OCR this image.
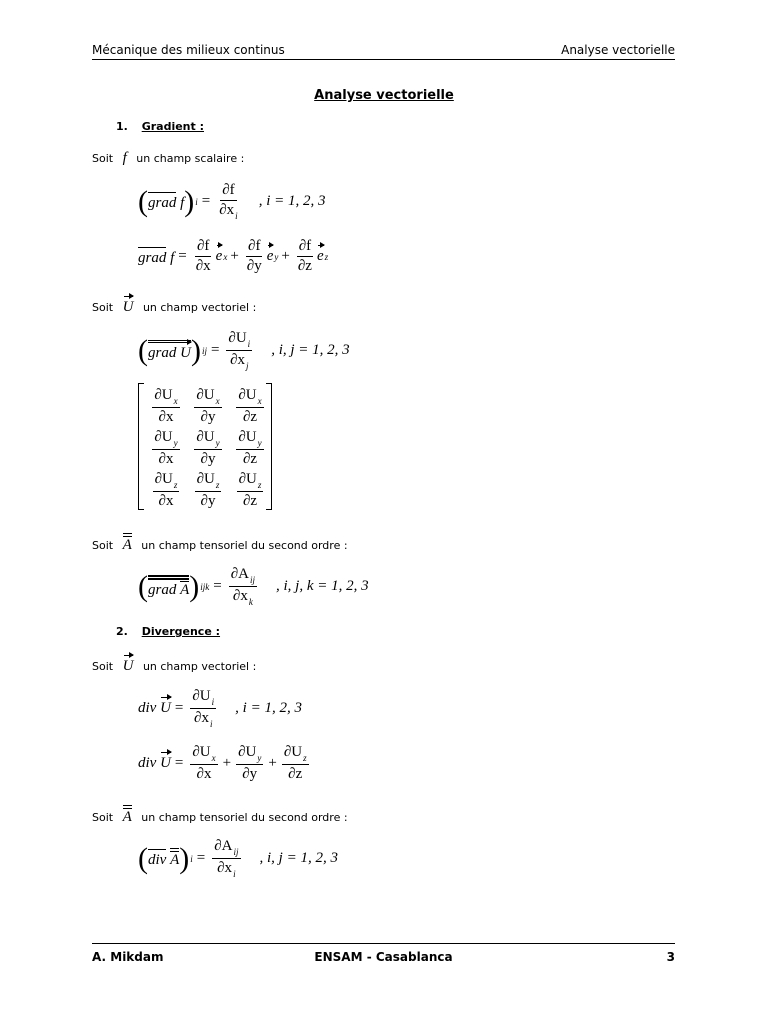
Mécanique des milieux continus	Analyse vectorielle
Analyse vectorielle
1. Gradient :
Soit f un champ scalaire :
( grad f ) $i = \frac{\partial f}{\partial x_i}$ , i = 1, 2, 3
grad $f = \frac{\partial f}{\partial x}$ e $x + \frac{\partial f}{\partial y}$ e $y + \frac{\partial f}{\partial z}$ e z
Soit U un champ vectoriel :
( grad U ) ij = $\frac{\partial U_i}{\partial x_j}$ , i, j = 1, 2, 3
$\frac{\partial U_x}{\partial x} \frac{\partial U_x}{\partial y} \frac{\partial U_x}{\partial z}$
$\frac{\partial U_y}{\partial x} \frac{\partial U_y}{\partial y} \frac{\partial U_y}{\partial z}$
$\frac{\partial U_z}{\partial x} \frac{\partial U_z}{\partial y} \frac{\partial U_z}{\partial z}$
Soit A un champ tensoriel du second ordre :
( grad A ) ijk = $\frac{\partial A_{ij}}{\partial x_k}$ , i, j, k = 1, 2, 3
2. Divergence :
Soit U un champ vectoriel :
div $U = \frac{\partial U_i}{\partial x_i}$ , i = 1, 2, 3
div $U = \frac{\partial U_x}{\partial x} + \frac{\partial U_y}{\partial y} + \frac{\partial U_z}{\partial z}$
Soit A un champ tensoriel du second ordre :
( div A ) $i = \frac{\partial A_{ij}}{\partial x_i}$ , i, j = 1, 2, 3
A. Mikdam	ENSAM - Casablanca	3
